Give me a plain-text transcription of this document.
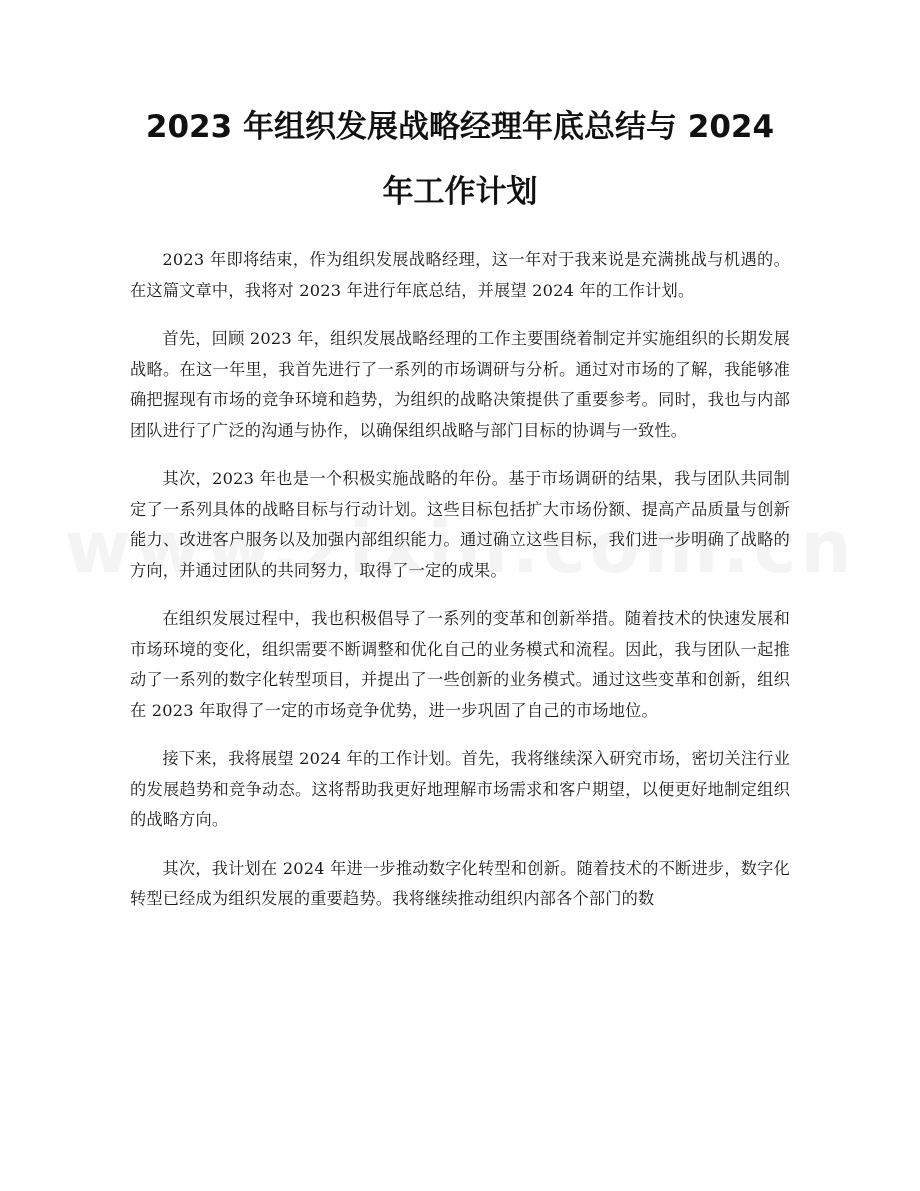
2023 年组织发展战略经理年底总结与 2024
年工作计划

2023 年即将结束，作为组织发展战略经理，这一年对于我来说是充满挑战与机遇的。在这篇文章中，我将对 2023 年进行年底总结，并展望 2024 年的工作计划。

首先，回顾 2023 年，组织发展战略经理的工作主要围绕着制定并实施组织的长期发展战略。在这一年里，我首先进行了一系列的市场调研与分析。通过对市场的了解，我能够准确把握现有市场的竞争环境和趋势，为组织的战略决策提供了重要参考。同时，我也与内部团队进行了广泛的沟通与协作，以确保组织战略与部门目标的协调与一致性。

其次，2023 年也是一个积极实施战略的年份。基于市场调研的结果，我与团队共同制定了一系列具体的战略目标与行动计划。这些目标包括扩大市场份额、提高产品质量与创新能力、改进客户服务以及加强内部组织能力。通过确立这些目标，我们进一步明确了战略的方向，并通过团队的共同努力，取得了一定的成果。

在组织发展过程中，我也积极倡导了一系列的变革和创新举措。随着技术的快速发展和市场环境的变化，组织需要不断调整和优化自己的业务模式和流程。因此，我与团队一起推动了一系列的数字化转型项目，并提出了一些创新的业务模式。通过这些变革和创新，组织在 2023 年取得了一定的市场竞争优势，进一步巩固了自己的市场地位。

接下来，我将展望 2024 年的工作计划。首先，我将继续深入研究市场，密切关注行业的发展趋势和竞争动态。这将帮助我更好地理解市场需求和客户期望，以便更好地制定组织的战略方向。

其次，我计划在 2024 年进一步推动数字化转型和创新。随着技术的不断进步，数字化转型已经成为组织发展的重要趋势。我将继续推动组织内部各个部门的数
